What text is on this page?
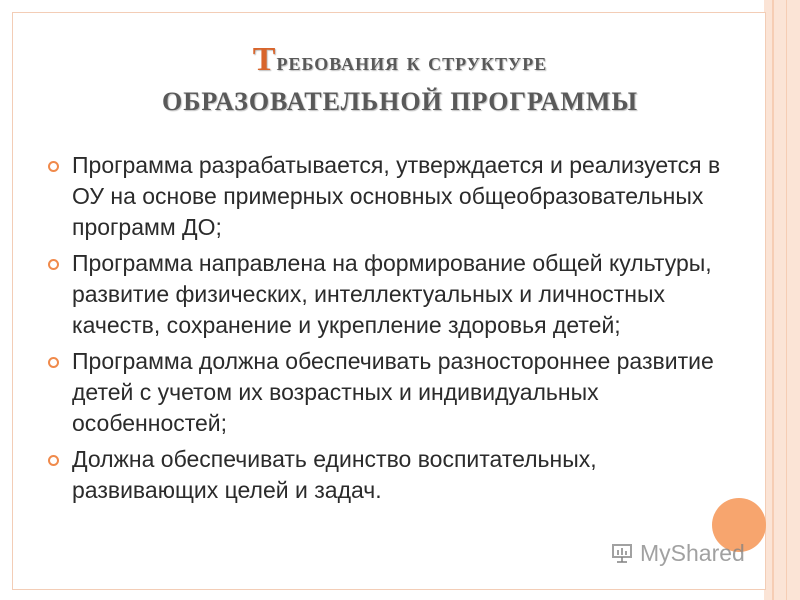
Требования к структуре
ОБРАЗОВАТЕЛЬНОЙ ПРОГРАММЫ
Программа разрабатывается, утверждается и реализуется в ОУ на основе примерных основных общеобразовательных программ ДО;
Программа направлена на формирование общей культуры, развитие физических, интеллектуальных и личностных качеств, сохранение и укрепление здоровья детей;
Программа должна обеспечивать разностороннее развитие детей с учетом их возрастных и индивидуальных особенностей;
Должна обеспечивать единство воспитательных, развивающих целей и задач.
MyShared
